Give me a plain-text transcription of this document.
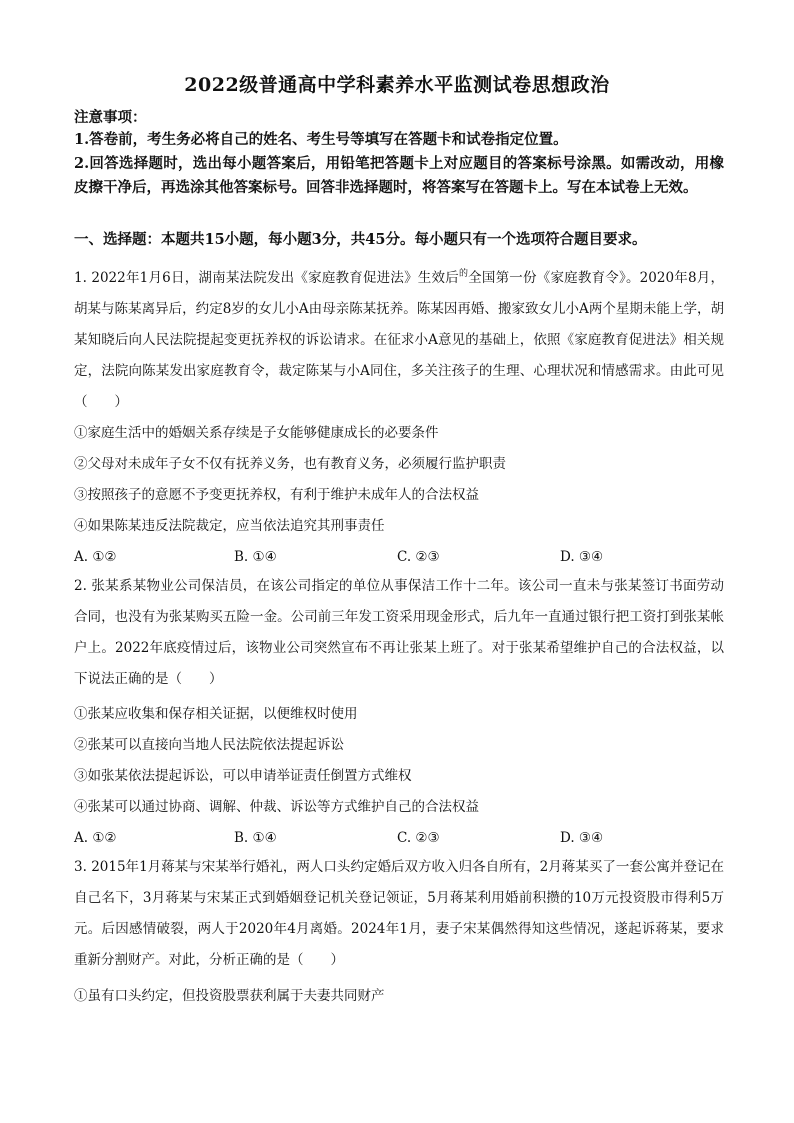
2022级普通高中学科素养水平监测试卷思想政治
注意事项：
1.答卷前，考生务必将自己的姓名、考生号等填写在答题卡和试卷指定位置。
2.回答选择题时，选出每小题答案后，用铅笔把答题卡上对应题目的答案标号涂黑。如需改动，用橡皮擦干净后，再选涂其他答案标号。回答非选择题时，将答案写在答题卡上。写在本试卷上无效。
一、选择题：本题共15小题，每小题3分，共45分。每小题只有一个选项符合题目要求。
1. 2022年1月6日，湖南某法院发出《家庭教育促进法》生效后$^的$全国第一份《家庭教育令》。2020年8月，胡某与陈某离异后，约定8岁的女儿小A由母亲陈某抚养。陈某因再婚、搬家致女儿小A两个星期未能上学，胡某知晓后向人民法院提起变更抚养权的诉讼请求。在征求小A意见的基础上，依照《家庭教育促进法》相关规定，法院向陈某发出家庭教育令，裁定陈某与小A同住，多关注孩子的生理、心理状况和情感需求。由此可见（　　）
①家庭生活中的婚姻关系存续是子女能够健康成长的必要条件
②父母对未成年子女不仅有抚养义务，也有教育义务，必须履行监护职责
③按照孩子的意愿不予变更抚养权，有利于维护未成年人的合法权益
④如果陈某违反法院裁定，应当依法追究其刑事责任
A. ①②	B. ①④	C. ②③	D. ③④
2. 张某系某物业公司保洁员，在该公司指定的单位从事保洁工作十二年。该公司一直未与张某签订书面劳动合同，也没有为张某购买五险一金。公司前三年发工资采用现金形式，后九年一直通过银行把工资打到张某帐户上。2022年底疫情过后，该物业公司突然宣布不再让张某上班了。对于张某希望维护自己的合法权益，以下说法正确的是（　　）
①张某应收集和保存相关证据，以便维权时使用
②张某可以直接向当地人民法院依法提起诉讼
③如张某依法提起诉讼，可以申请举证责任倒置方式维权
④张某可以通过协商、调解、仲裁、诉讼等方式维护自己的合法权益
A. ①②	B. ①④	C. ②③	D. ③④
3. 2015年1月蒋某与宋某举行婚礼，两人口头约定婚后双方收入归各自所有，2月蒋某买了一套公寓并登记在自己名下，3月蒋某与宋某正式到婚姻登记机关登记领证，5月蒋某利用婚前积攒的10万元投资股市得利5万元。后因感情破裂，两人于2020年4月离婚。2024年1月，妻子宋某偶然得知这些情况，遂起诉蒋某，要求重新分割财产。对此，分析正确的是（　　）
①虽有口头约定，但投资股票获利属于夫妻共同财产
